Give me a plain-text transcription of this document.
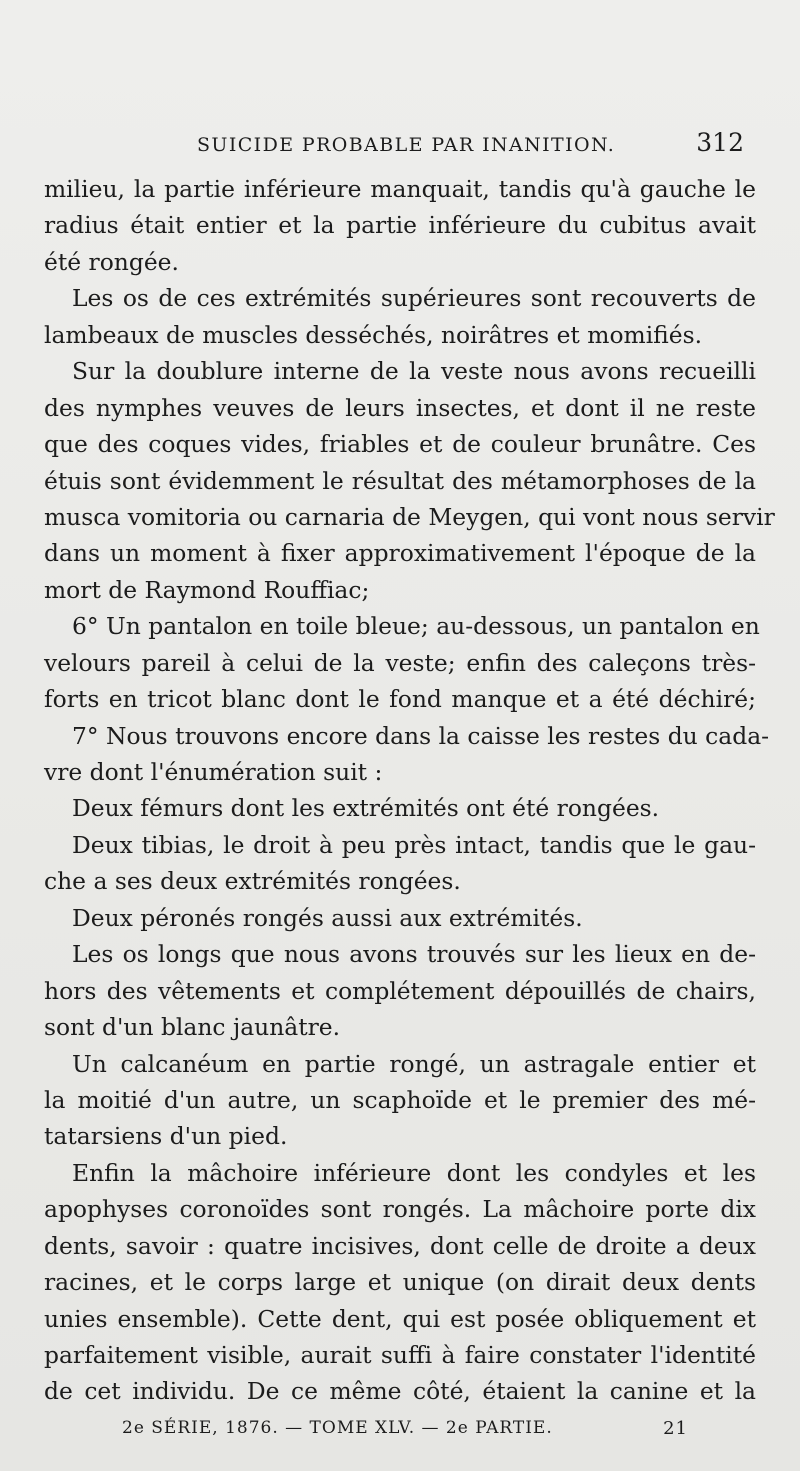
SUICIDE PROBABLE PAR INANITION.	312
milieu, la partie inférieure manquait, tandis qu'à gauche le
radius était entier et la partie inférieure du cubitus avait
été rongée.
Les os de ces extrémités supérieures sont recouverts de
lambeaux de muscles desséchés, noirâtres et momifiés.
Sur la doublure interne de la veste nous avons recueilli
des nymphes veuves de leurs insectes, et dont il ne reste
que des coques vides, friables et de couleur brunâtre. Ces
étuis sont évidemment le résultat des métamorphoses de la
musca vomitoria ou carnaria de Meygen, qui vont nous servir
dans un moment à fixer approximativement l'époque de la
mort de Raymond Rouffiac;
6° Un pantalon en toile bleue; au-dessous, un pantalon en
velours pareil à celui de la veste; enfin des caleçons très-
forts en tricot blanc dont le fond manque et a été déchiré;
7° Nous trouvons encore dans la caisse les restes du cada-
vre dont l'énumération suit :
Deux fémurs dont les extrémités ont été rongées.
Deux tibias, le droit à peu près intact, tandis que le gau-
che a ses deux extrémités rongées.
Deux péronés rongés aussi aux extrémités.
Les os longs que nous avons trouvés sur les lieux en de-
hors des vêtements et complétement dépouillés de chairs,
sont d'un blanc jaunâtre.
Un calcanéum en partie rongé, un astragale entier et
la moitié d'un autre, un scaphoïde et le premier des mé-
tatarsiens d'un pied.
Enfin la mâchoire inférieure dont les condyles et les
apophyses coronoïdes sont rongés. La mâchoire porte dix
dents, savoir : quatre incisives, dont celle de droite a deux
racines, et le corps large et unique (on dirait deux dents
unies ensemble). Cette dent, qui est posée obliquement et
parfaitement visible, aurait suffi à faire constater l'identité
de cet individu. De ce même côté, étaient la canine et la
2e SÉRIE, 1876. — TOME XLV. — 2e PARTIE.	21
